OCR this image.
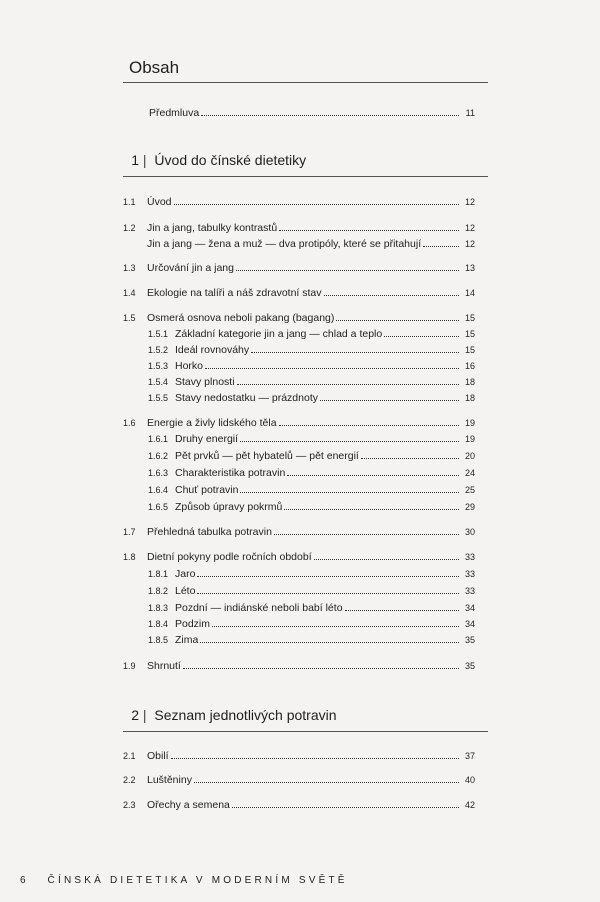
Obsah
Předmluva	11
1 | Úvod do čínské dietetiky
1.1	Úvod	12
1.2	Jin a jang, tabulky kontrastů	12
Jin a jang — žena a muž — dva protipóly, které se přitahují	12
1.3	Určování jin a jang	13
1.4	Ekologie na talíři a náš zdravotní stav	14
1.5	Osmerá osnova neboli pakang (bagang)	15
1.5.1 Základní kategorie jin a jang — chlad a teplo	15
1.5.2 Ideál rovnováhy	15
1.5.3 Horko	16
1.5.4 Stavy plnosti	18
1.5.5 Stavy nedostatku — prázdnoty	18
1.6	Energie a živly lidského těla	19
1.6.1 Druhy energií	19
1.6.2 Pět prvků — pět hybatelů — pět energií	20
1.6.3 Charakteristika potravin	24
1.6.4 Chuť potravin	25
1.6.5 Způsob úpravy pokrmů	29
1.7	Přehledná tabulka potravin	30
1.8	Dietní pokyny podle ročních období	33
1.8.1 Jaro	33
1.8.2 Léto	33
1.8.3 Pozdní — indiánské neboli babí léto	34
1.8.4 Podzim	34
1.8.5 Zima	35
1.9	Shrnutí	35
2 | Seznam jednotlivých potravin
2.1	Obilí	37
2.2	Luštěniny	40
2.3	Ořechy a semena	42
6 ČÍNSKÁ DIETETIKA V MODERNÍM SVĚTĚ
